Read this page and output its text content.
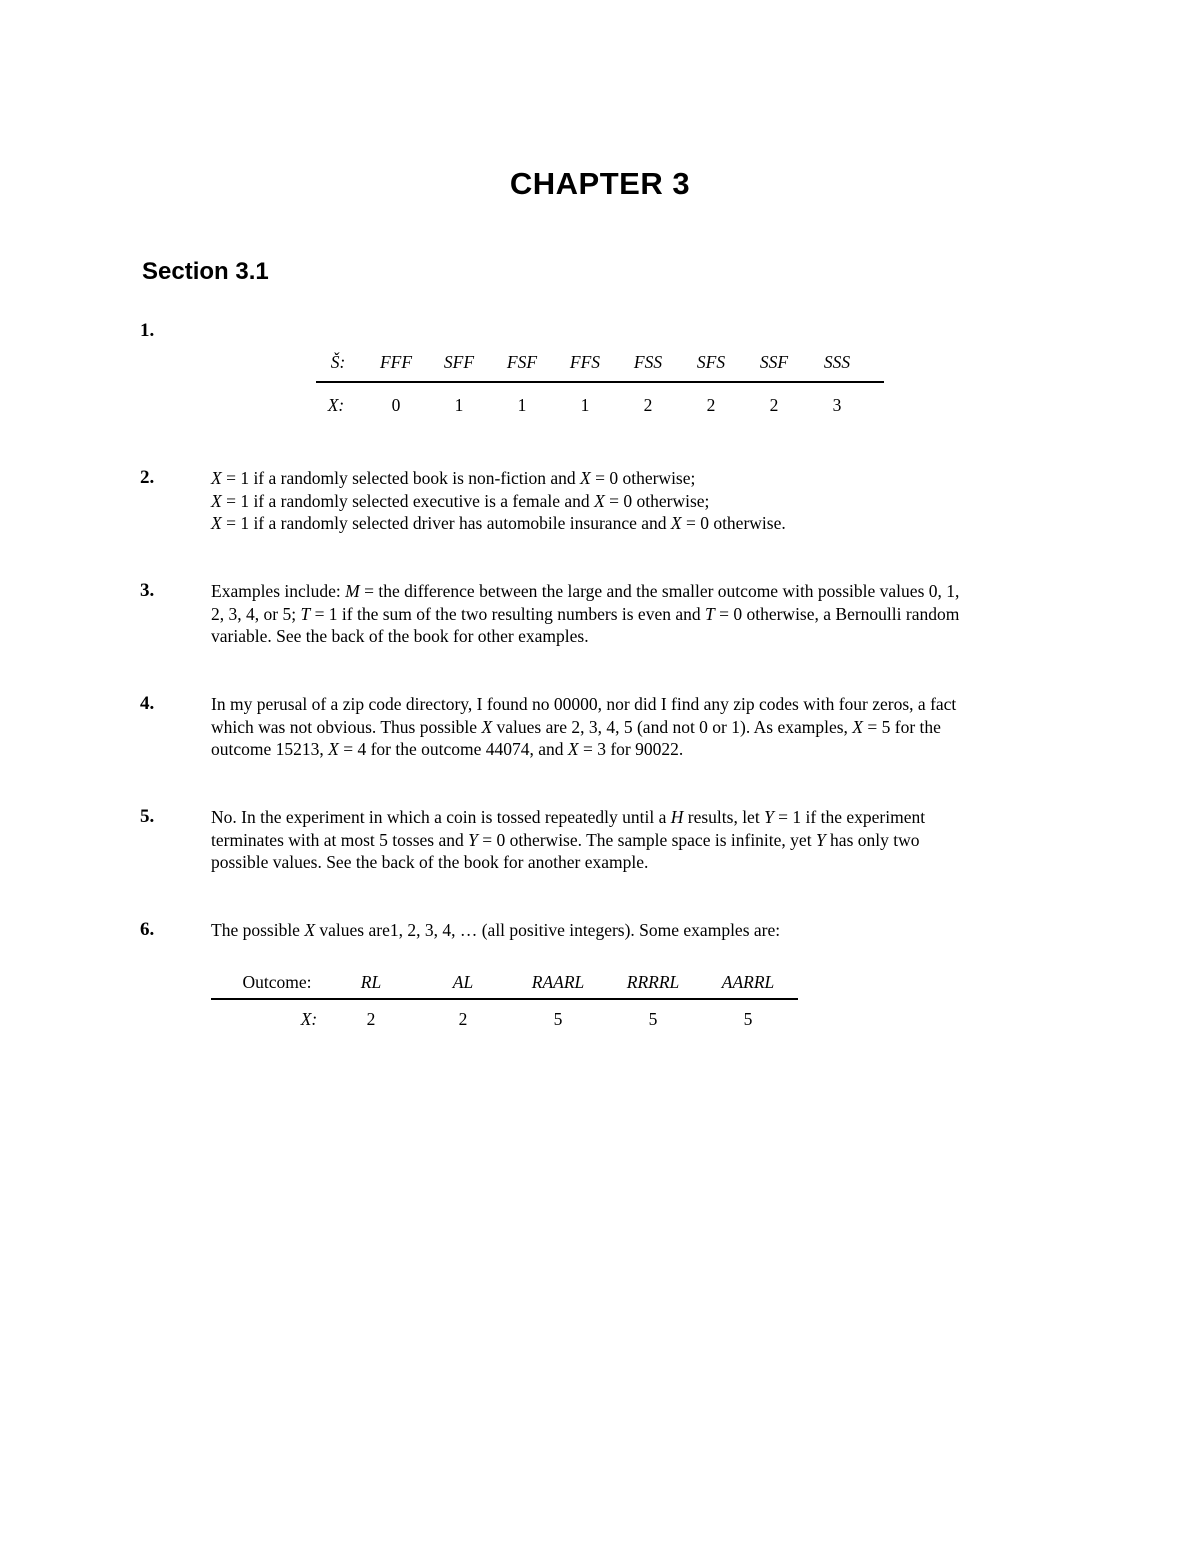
CHAPTER 3
Section 3.1
1.
Š:	FFF	SFF	FSF	FFS	FSS	SFS	SSF	SSS
X:	0	1	1	1	2	2	2	3
2.	X = 1 if a randomly selected book is non-fiction and X = 0 otherwise;
X = 1 if a randomly selected executive is a female and X = 0 otherwise;
X = 1 if a randomly selected driver has automobile insurance and X = 0 otherwise.
3.	Examples include: M = the difference between the large and the smaller outcome with possible values 0, 1,
2, 3, 4, or 5; T = 1 if the sum of the two resulting numbers is even and T = 0 otherwise, a Bernoulli random
variable. See the back of the book for other examples.
4.	In my perusal of a zip code directory, I found no 00000, nor did I find any zip codes with four zeros, a fact
which was not obvious. Thus possible X values are 2, 3, 4, 5 (and not 0 or 1). As examples, X = 5 for the
outcome 15213, X = 4 for the outcome 44074, and X = 3 for 90022.
5.	No. In the experiment in which a coin is tossed repeatedly until a H results, let Y = 1 if the experiment
terminates with at most 5 tosses and Y = 0 otherwise. The sample space is infinite, yet Y has only two
possible values. See the back of the book for another example.
6.	The possible X values are1, 2, 3, 4, … (all positive integers). Some examples are:
Outcome:	RL	AL	RAARL	RRRRL	AARRL
X:	2	2	5	5	5
